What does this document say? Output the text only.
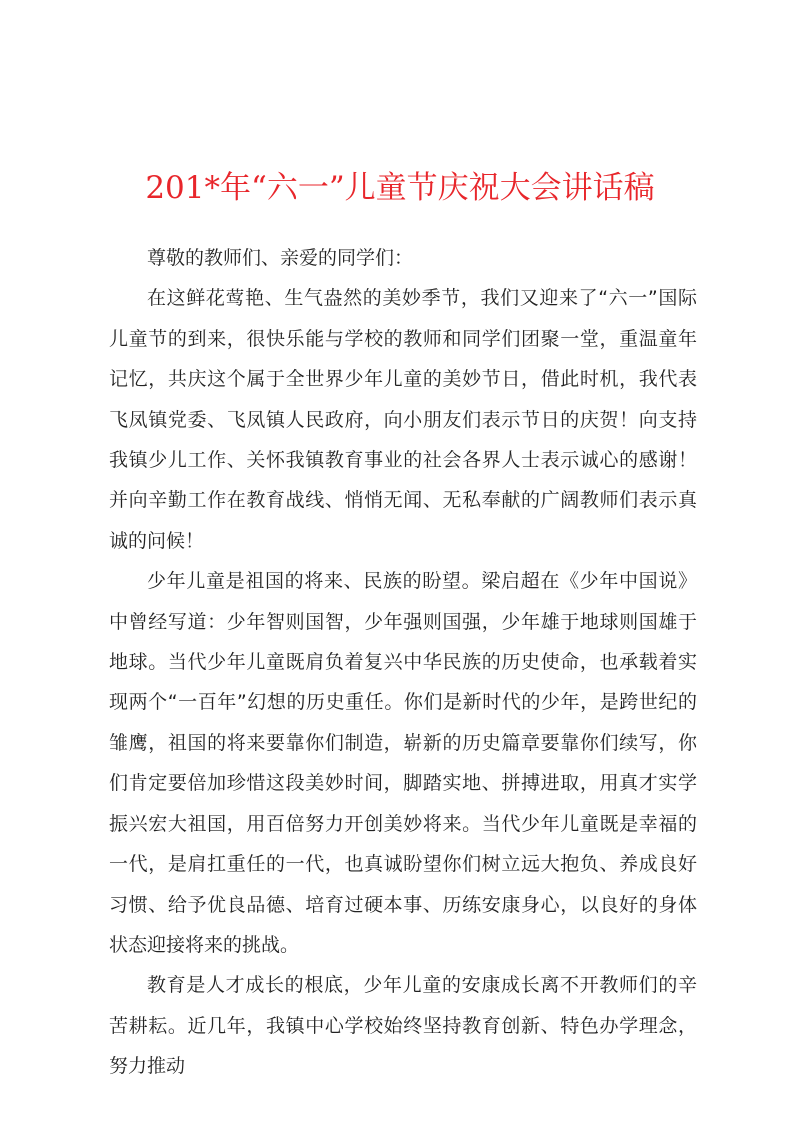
201*年“六一”儿童节庆祝大会讲话稿

尊敬的教师们、亲爱的同学们：

在这鲜花莺艳、生气盎然的美妙季节，我们又迎来了“六一”国际儿童节的到来，很快乐能与学校的教师和同学们团聚一堂，重温童年记忆，共庆这个属于全世界少年儿童的美妙节日，借此时机，我代表飞凤镇党委、飞凤镇人民政府，向小朋友们表示节日的庆贺！向支持我镇少儿工作、关怀我镇教育事业的社会各界人士表示诚心的感谢！并向辛勤工作在教育战线、悄悄无闻、无私奉献的广阔教师们表示真诚的问候！

少年儿童是祖国的将来、民族的盼望。梁启超在《少年中国说》中曾经写道：少年智则国智，少年强则国强，少年雄于地球则国雄于地球。当代少年儿童既肩负着复兴中华民族的历史使命，也承载着实现两个“一百年”幻想的历史重任。你们是新时代的少年，是跨世纪的雏鹰，祖国的将来要靠你们制造，崭新的历史篇章要靠你们续写，你们肯定要倍加珍惜这段美妙时间，脚踏实地、拼搏进取，用真才实学振兴宏大祖国，用百倍努力开创美妙将来。当代少年儿童既是幸福的一代，是肩扛重任的一代，也真诚盼望你们树立远大抱负、养成良好习惯、给予优良品德、培育过硬本事、历练安康身心，以良好的身体状态迎接将来的挑战。

教育是人才成长的根底，少年儿童的安康成长离不开教师们的辛苦耕耘。近几年，我镇中心学校始终坚持教育创新、特色办学理念，努力推动
